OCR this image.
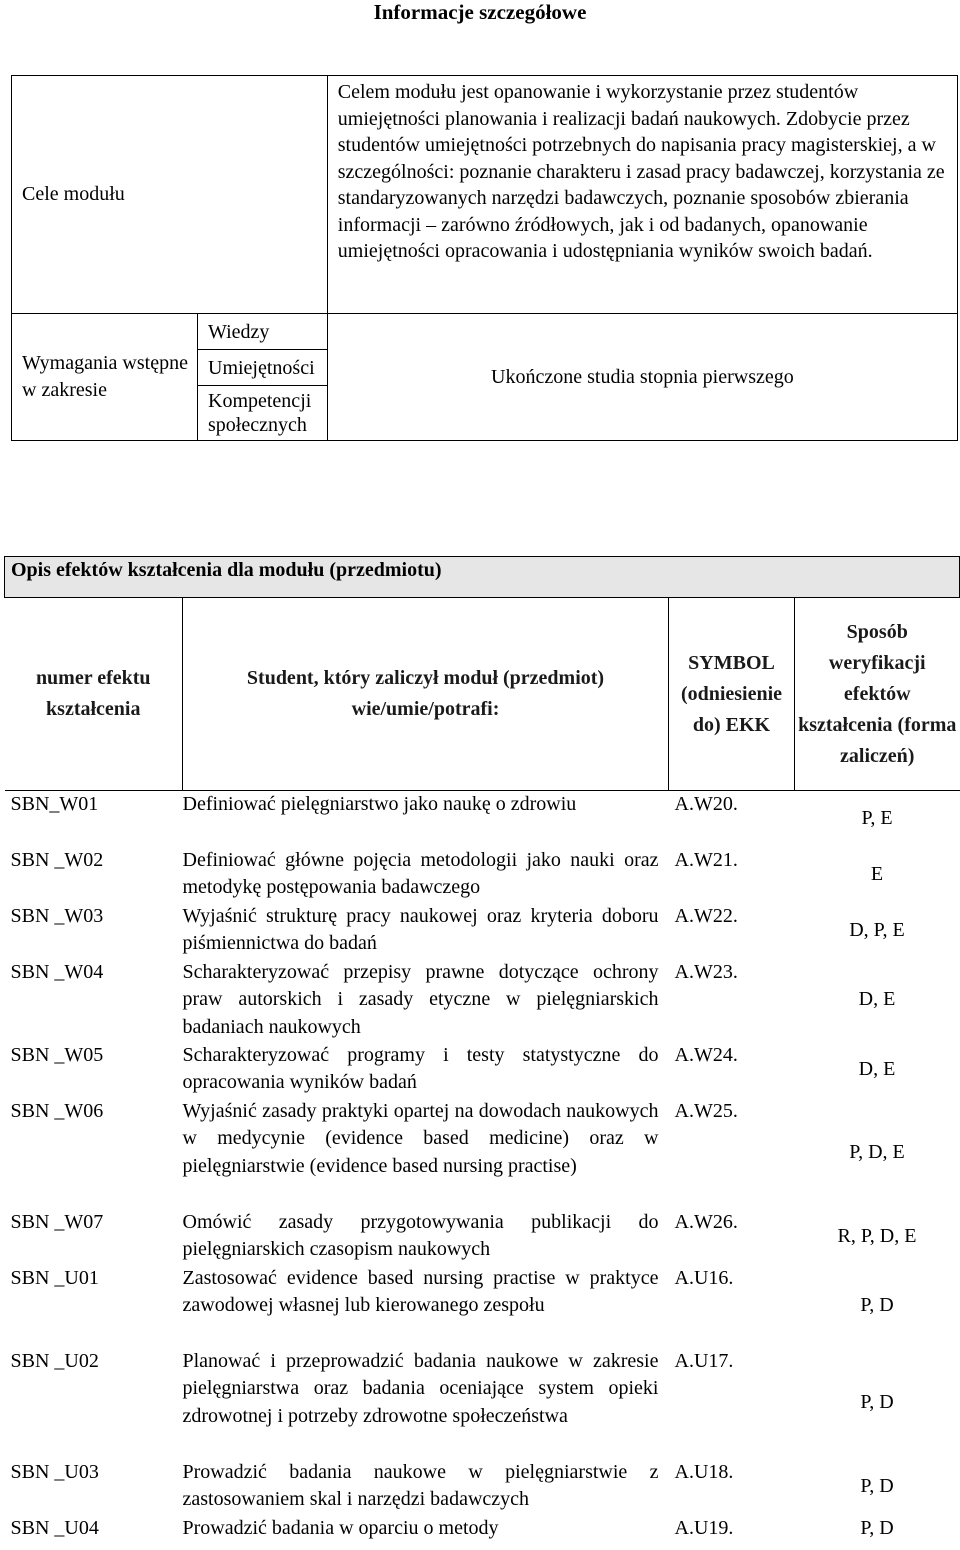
Informacje szczegółowe
Cele modułu		Celem modułu jest opanowanie i wykorzystanie przez studentów umiejętności planowania i realizacji badań naukowych. Zdobycie przez studentów umiejętności potrzebnych do napisania pracy magisterskiej, a w szczególności: poznanie charakteru i zasad pracy badawczej, korzystania ze standaryzowanych narzędzi badawczych, poznanie sposobów zbierania informacji – zarówno źródłowych, jak i od badanych, opanowanie umiejętności opracowania i udostępniania wyników swoich badań.
Wymagania wstępne w zakresie	Wiedzy	Ukończone studia stopnia pierwszego
	Umiejętności	
	Kompetencji społecznych	
Opis efektów kształcenia dla modułu (przedmiotu)			
numer efektu kształcenia	Student, który zaliczył moduł (przedmiot) wie/umie/potrafi:	SYMBOL (odniesienie do) EKK	Sposób weryfikacji efektów kształcenia (forma zaliczeń)
SBN_W01	Definiować pielęgniarstwo jako naukę o zdrowiu	A.W20.	P, E
SBN _W02	Definiować główne pojęcia metodologii jako nauki oraz metodykę postępowania badawczego	A.W21.	E
SBN _W03	Wyjaśnić strukturę pracy naukowej oraz kryteria doboru piśmiennictwa do badań	A.W22.	D, P, E
SBN _W04	Scharakteryzować przepisy prawne dotyczące ochrony praw autorskich i zasady etyczne w pielęgniarskich badaniach naukowych	A.W23.	D, E
SBN _W05	Scharakteryzować programy i testy statystyczne do opracowania wyników badań	A.W24.	D, E
SBN _W06	Wyjaśnić zasady praktyki opartej na dowodach naukowych w medycynie (evidence based medicine) oraz w pielęgniarstwie (evidence based nursing practise)	A.W25.	P, D, E
SBN _W07	Omówić zasady przygotowywania publikacji do pielęgniarskich czasopism naukowych	A.W26.	R, P, D, E
SBN _U01	Zastosować evidence based nursing practise w praktyce zawodowej własnej lub kierowanego zespołu	A.U16.	P, D
SBN _U02	Planować i przeprowadzić badania naukowe w zakresie pielęgniarstwa oraz badania oceniające system opieki zdrowotnej i potrzeby zdrowotne społeczeństwa	A.U17.	P, D
SBN _U03	Prowadzić badania naukowe w pielęgniarstwie z zastosowaniem skal i narzędzi badawczych	A.U18.	P, D
SBN _U04	Prowadzić badania w oparciu o metody	A.U19.	P, D
